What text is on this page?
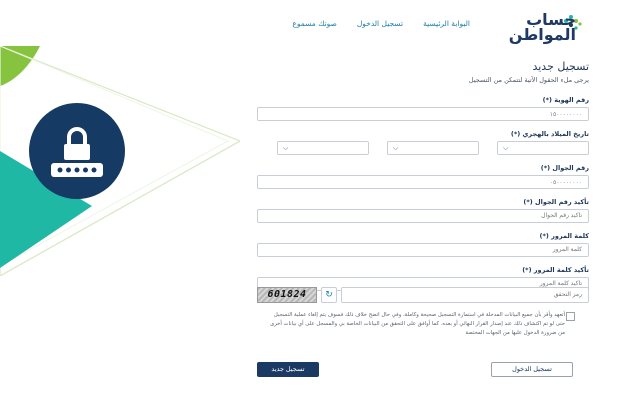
حساب
المواطن
البوابة الرئيسية
تسجيل الدخول
صوتك مسموع
تسجيل جديد
يرجى ملء الحقول الآتية لتتمكن من التسجيل
رقم الهوية (*)
١٥٠٠٠٠٠٠٠٠
تاريخ الميلاد بالهجري (*)
⌵
⌵
⌵
رقم الجوال (*)
٠٥٠٠٠٠٠٠٠٠
تأكيد رقم الجوال (*)
تأكيد رقم الجوال
كلمة المرور (*)
تأكيد كلمة المرور (*)
601824	↻
رمز التحقق
أتعهد وأقر بأن جميع البيانات المدخلة في استمارة التسجيل صحيحة وكاملة، وفي حال اتضح خلاف ذلك فسوف يتم إلغاء عملية التسجيل حتى لو تم اكتشاف ذلك عند إصدار القرار النهائي أو بعده. كما أوافق على التحقق من البيانات الخاصة بي والمسجل على أي بيانات أخرى من ضرورة الدخول عليها من الجهات المختصة
تسجيل جديد	تسجيل الدخول
